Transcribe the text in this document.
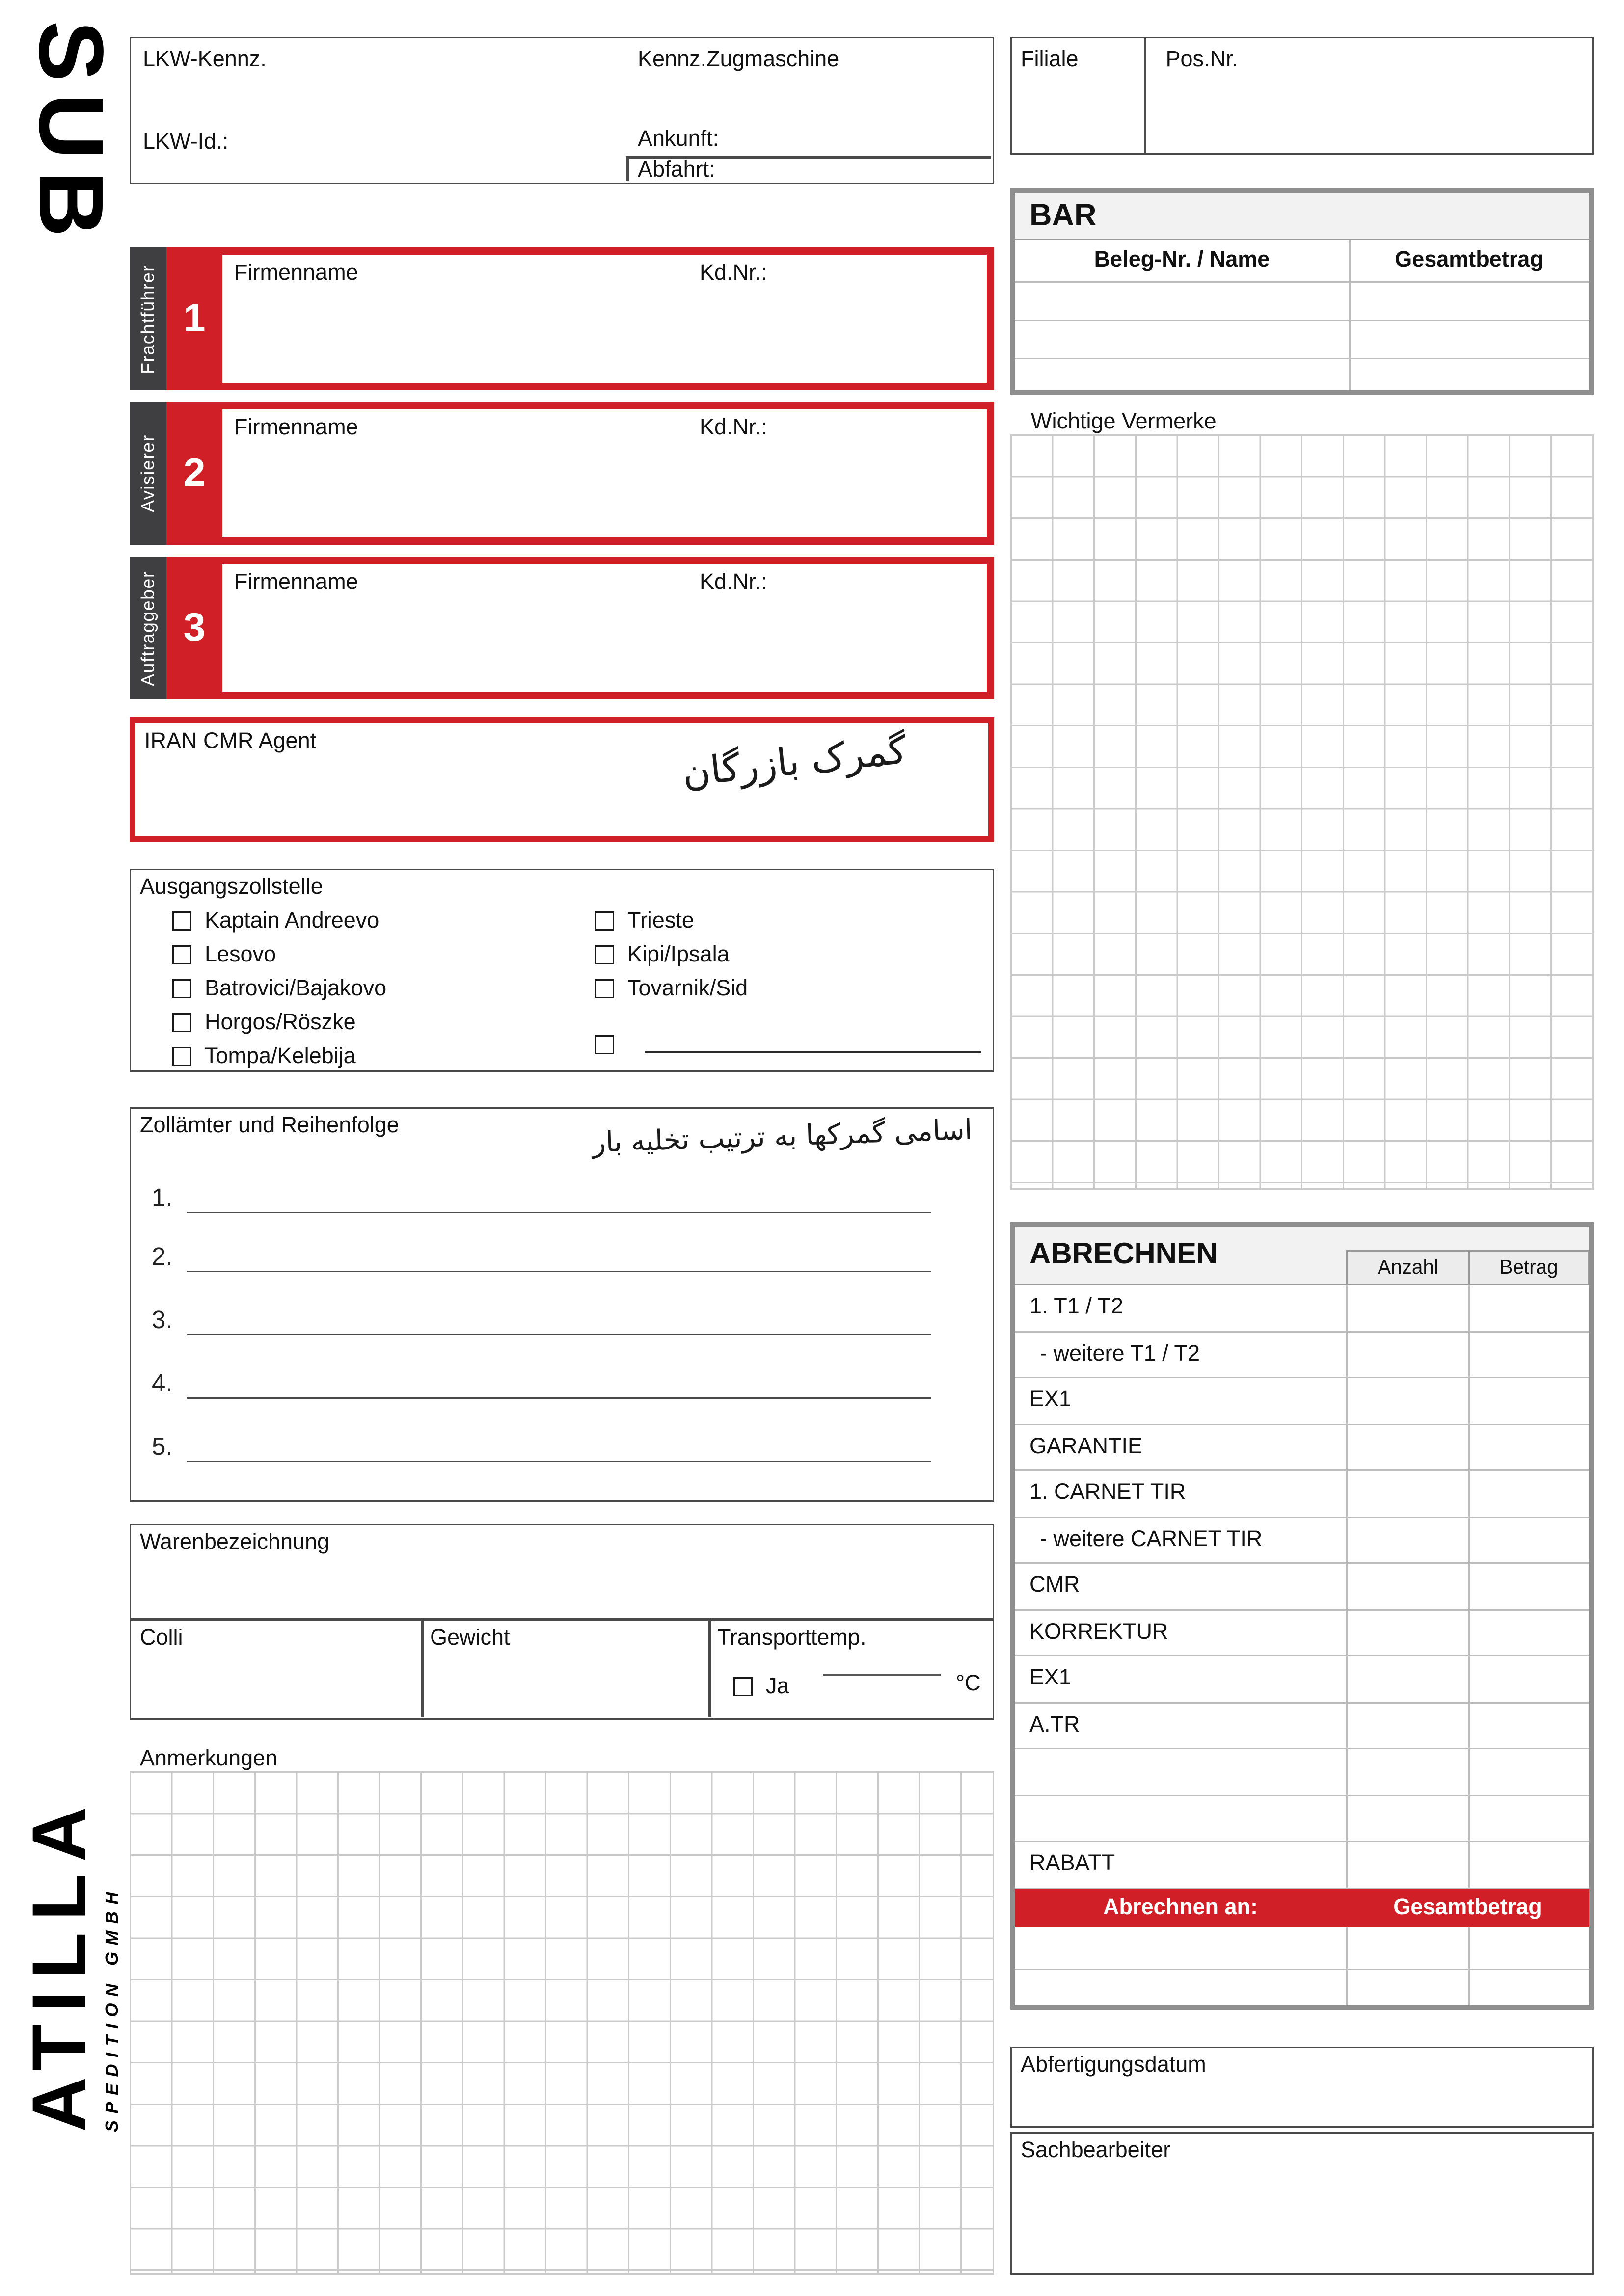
SUB	LKW-Kennz.	Kennz.Zugmaschine
LKW-Id.:	Ankunft:
Abfahrt:
Filiale	Pos.Nr.
BAR
Beleg-Nr. / Name	Gesamtbetrag
Frachtführer	1
Firmenname	Kd.Nr.:
Avisierer	2
Firmenname	Kd.Nr.:
Auftraggeber	3
Firmenname	Kd.Nr.:
IRAN CMR Agent	گمرک بازرگان
Wichtige Vermerke
Ausgangszollstelle
Kaptain Andreevo
Lesovo
Batrovici/Bajakovo
Horgos/Röszke
Tompa/Kelebija
Trieste
Kipi/Ipsala
Tovarnik/Sid
Zollämter und Reihenfolge	اسامی گمرکها به ترتیب تخلیه بار
1.
2.
3.
4.
5.
ABRECHNEN	Anzahl	Betrag
1. T1 / T2
- weitere T1 / T2
EX1
GARANTIE
1. CARNET TIR
- weitere CARNET TIR
CMR
KORREKTUR
EX1
A.TR
RABATT
Abrechnen an:	Gesamtbetrag
Warenbezeichnung
Colli	Gewicht	Transporttemp.
Ja	°C
Anmerkungen
Abfertigungsdatum
Sachbearbeiter
ATILLA
SPEDITION GMBH
